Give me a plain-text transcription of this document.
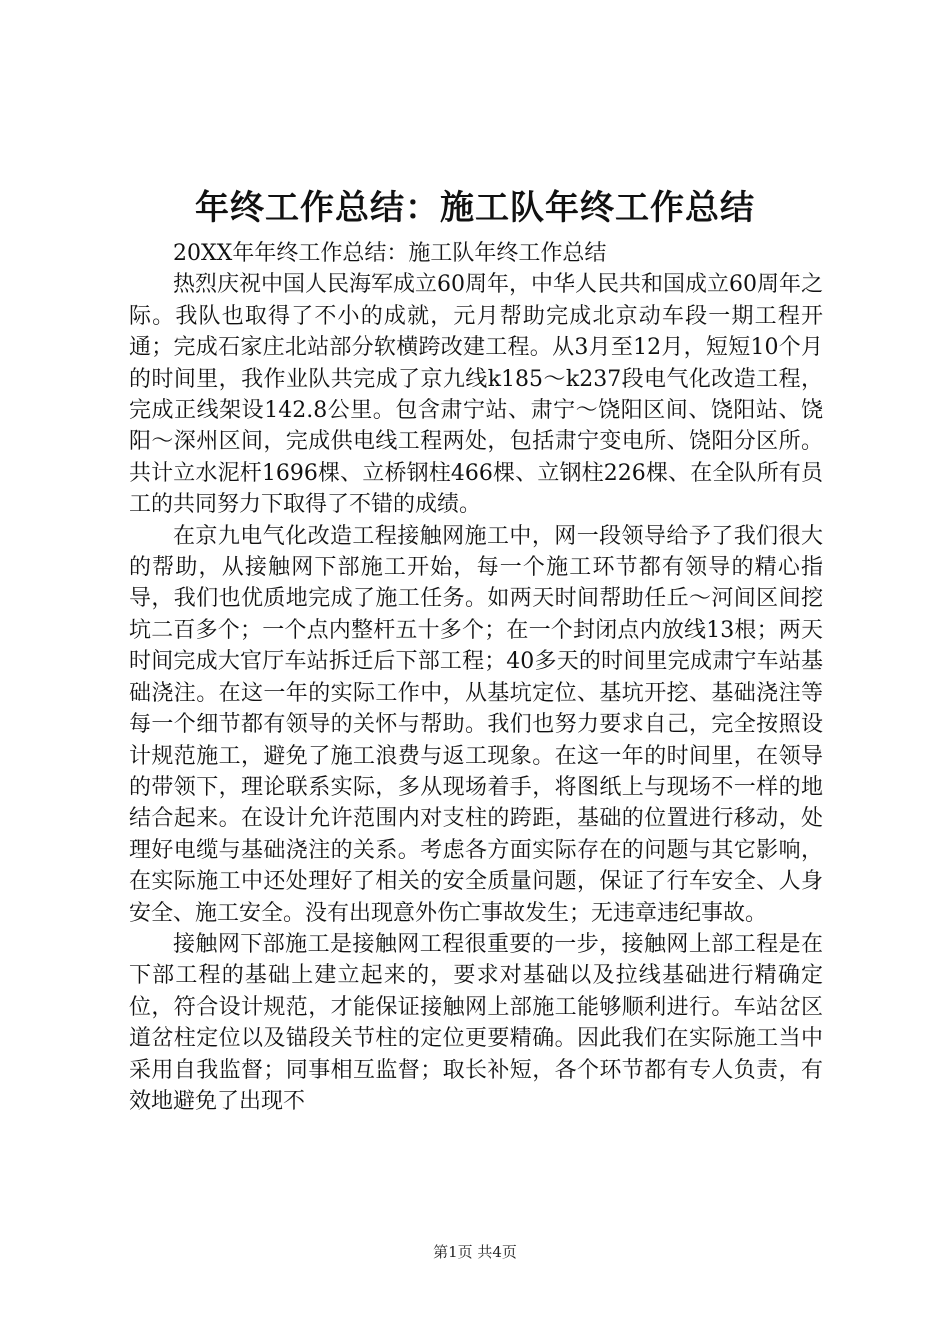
年终工作总结：施工队年终工作总结

20XX年年终工作总结：施工队年终工作总结

热烈庆祝中国人民海军成立60周年，中华人民共和国成立60周年之际。我队也取得了不小的成就，元月帮助完成北京动车段一期工程开通；完成石家庄北站部分软横跨改建工程。从3月至12月，短短10个月的时间里，我作业队共完成了京九线k185～k237段电气化改造工程，完成正线架设142.8公里。包含肃宁站、肃宁～饶阳区间、饶阳站、饶阳～深州区间，完成供电线工程两处，包括肃宁变电所、饶阳分区所。共计立水泥杆1696棵、立桥钢柱466棵、立钢柱226棵、在全队所有员工的共同努力下取得了不错的成绩。

在京九电气化改造工程接触网施工中，网一段领导给予了我们很大的帮助，从接触网下部施工开始，每一个施工环节都有领导的精心指导，我们也优质地完成了施工任务。如两天时间帮助任丘～河间区间挖坑二百多个；一个点内整杆五十多个；在一个封闭点内放线13根；两天时间完成大官厅车站拆迁后下部工程；40多天的时间里完成肃宁车站基础浇注。在这一年的实际工作中，从基坑定位、基坑开挖、基础浇注等每一个细节都有领导的关怀与帮助。我们也努力要求自己，完全按照设计规范施工，避免了施工浪费与返工现象。在这一年的时间里，在领导的带领下，理论联系实际，多从现场着手，将图纸上与现场不一样的地结合起来。在设计允许范围内对支柱的跨距，基础的位置进行移动，处理好电缆与基础浇注的关系。考虑各方面实际存在的问题与其它影响，在实际施工中还处理好了相关的安全质量问题，保证了行车安全、人身安全、施工安全。没有出现意外伤亡事故发生；无违章违纪事故。

接触网下部施工是接触网工程很重要的一步，接触网上部工程是在下部工程的基础上建立起来的，要求对基础以及拉线基础进行精确定位，符合设计规范，才能保证接触网上部施工能够顺利进行。车站岔区道岔柱定位以及锚段关节柱的定位更要精确。因此我们在实际施工当中采用自我监督；同事相互监督；取长补短，各个环节都有专人负责，有效地避免了出现不

第1页 共4页
